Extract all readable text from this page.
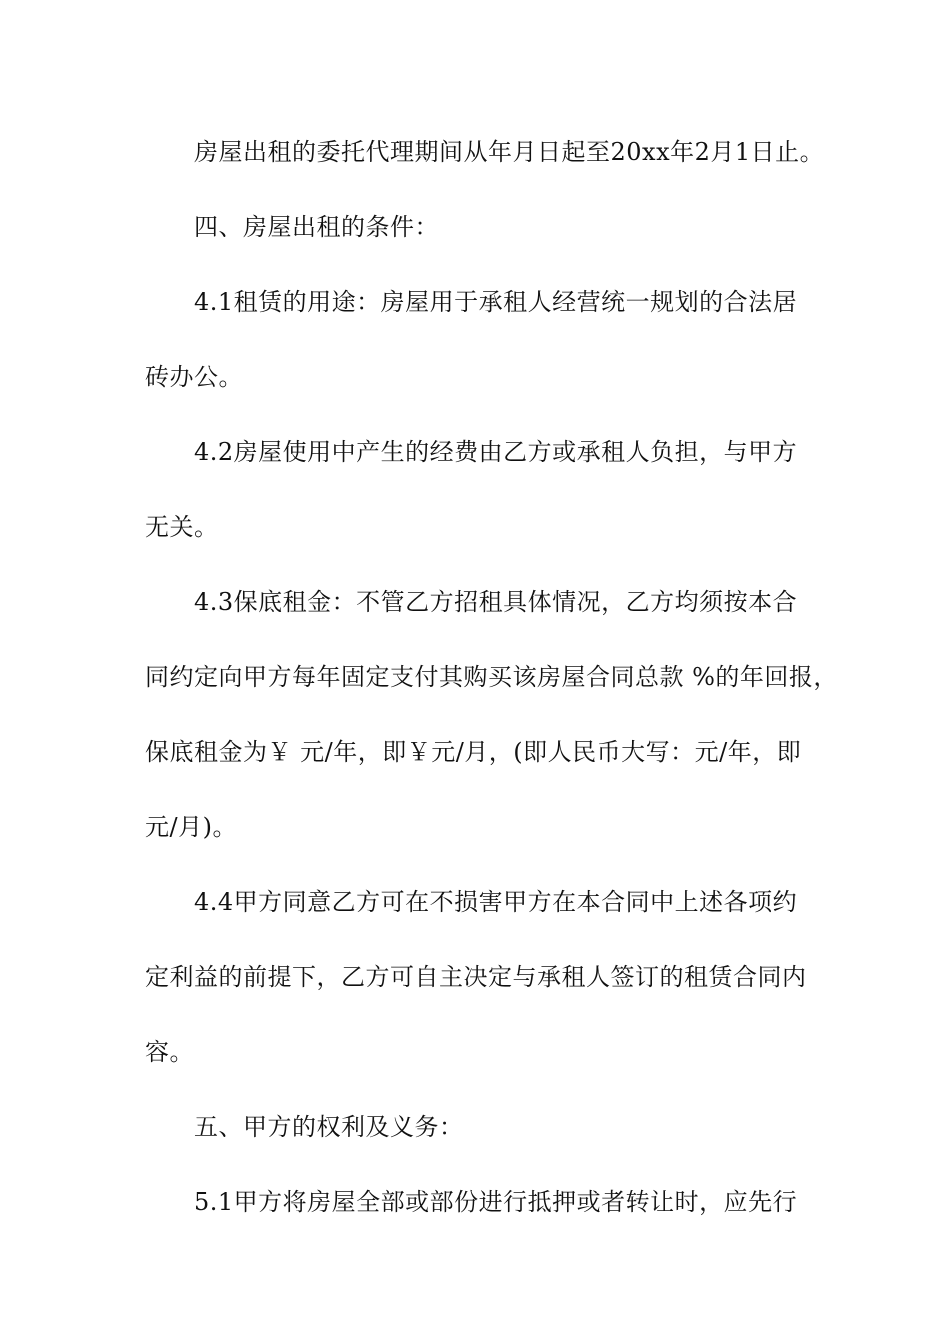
房屋出租的委托代理期间从年月日起至20xx年2月1日止。
四、房屋出租的条件：
4.1租赁的用途：房屋用于承租人经营统一规划的合法居
砖办公。
4.2房屋使用中产生的经费由乙方或承租人负担，与甲方
无关。
4.3保底租金：不管乙方招租具体情况，乙方均须按本合
同约定向甲方每年固定支付其购买该房屋合同总款 %的年回报，
保底租金为￥ 元/年，即￥元/月，(即人民币大写：元/年，即
元/月)。
4.4甲方同意乙方可在不损害甲方在本合同中上述各项约
定利益的前提下，乙方可自主决定与承租人签订的租赁合同内
容。
五、甲方的权利及义务：
5.1甲方将房屋全部或部份进行抵押或者转让时，应先行
